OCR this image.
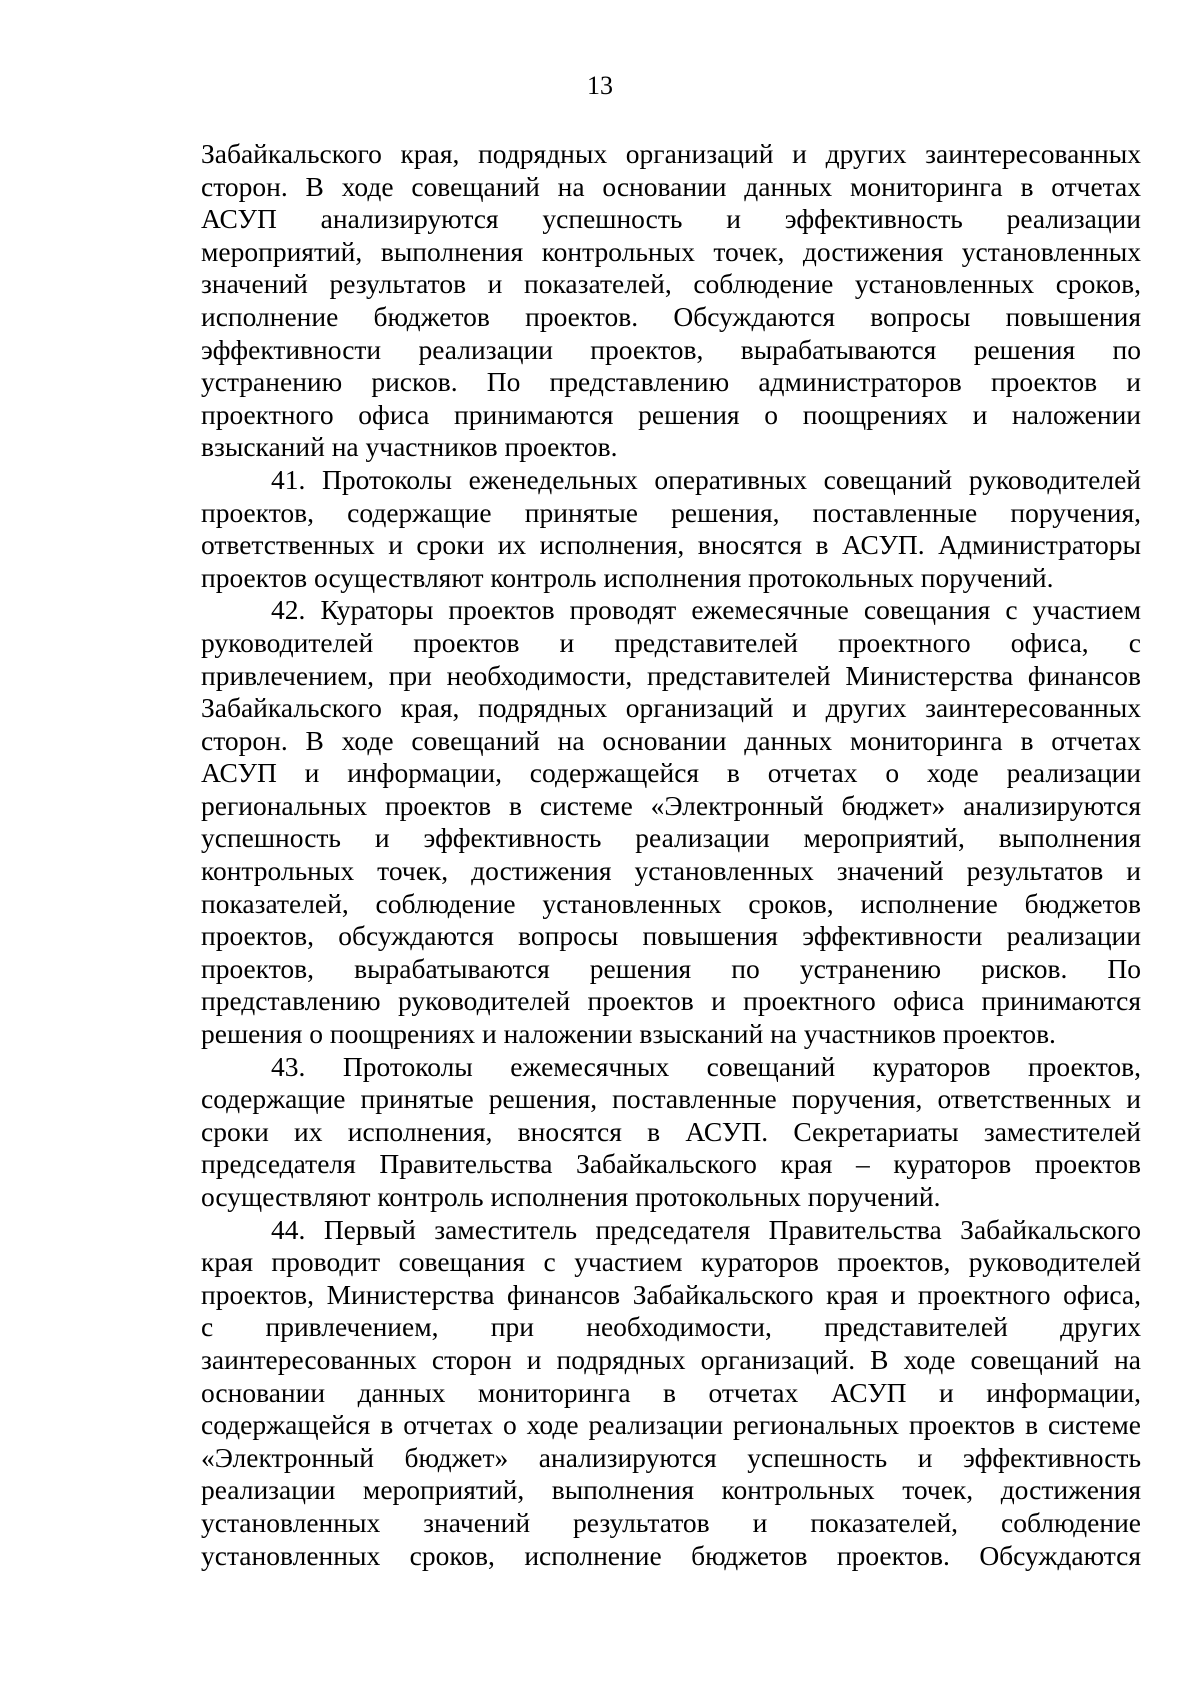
13
Забайкальского края, подрядных организаций и других заинтересованных
сторон. В ходе совещаний на основании данных мониторинга в отчетах
АСУП анализируются успешность и эффективность реализации
мероприятий, выполнения контрольных точек, достижения установленных
значений результатов и показателей, соблюдение установленных сроков,
исполнение бюджетов проектов. Обсуждаются вопросы повышения
эффективности реализации проектов, вырабатываются решения по
устранению рисков. По представлению администраторов проектов и
проектного офиса принимаются решения о поощрениях и наложении
взысканий на участников проектов.
41. Протоколы еженедельных оперативных совещаний руководителей
проектов, содержащие принятые решения, поставленные поручения,
ответственных и сроки их исполнения, вносятся в АСУП. Администраторы
проектов осуществляют контроль исполнения протокольных поручений.
42. Кураторы проектов проводят ежемесячные совещания с участием
руководителей проектов и представителей проектного офиса, с
привлечением, при необходимости, представителей Министерства финансов
Забайкальского края, подрядных организаций и других заинтересованных
сторон. В ходе совещаний на основании данных мониторинга в отчетах
АСУП и информации, содержащейся в отчетах о ходе реализации
региональных проектов в системе «Электронный бюджет» анализируются
успешность и эффективность реализации мероприятий, выполнения
контрольных точек, достижения установленных значений результатов и
показателей, соблюдение установленных сроков, исполнение бюджетов
проектов, обсуждаются вопросы повышения эффективности реализации
проектов, вырабатываются решения по устранению рисков. По
представлению руководителей проектов и проектного офиса принимаются
решения о поощрениях и наложении взысканий на участников проектов.
43. Протоколы ежемесячных совещаний кураторов проектов,
содержащие принятые решения, поставленные поручения, ответственных и
сроки их исполнения, вносятся в АСУП. Секретариаты заместителей
председателя Правительства Забайкальского края – кураторов проектов
осуществляют контроль исполнения протокольных поручений.
44. Первый заместитель председателя Правительства Забайкальского
края проводит совещания с участием кураторов проектов, руководителей
проектов, Министерства финансов Забайкальского края и проектного офиса,
с привлечением, при необходимости, представителей других
заинтересованных сторон и подрядных организаций. В ходе совещаний на
основании данных мониторинга в отчетах АСУП и информации,
содержащейся в отчетах о ходе реализации региональных проектов в системе
«Электронный бюджет» анализируются успешность и эффективность
реализации мероприятий, выполнения контрольных точек, достижения
установленных значений результатов и показателей, соблюдение
установленных сроков, исполнение бюджетов проектов. Обсуждаются
